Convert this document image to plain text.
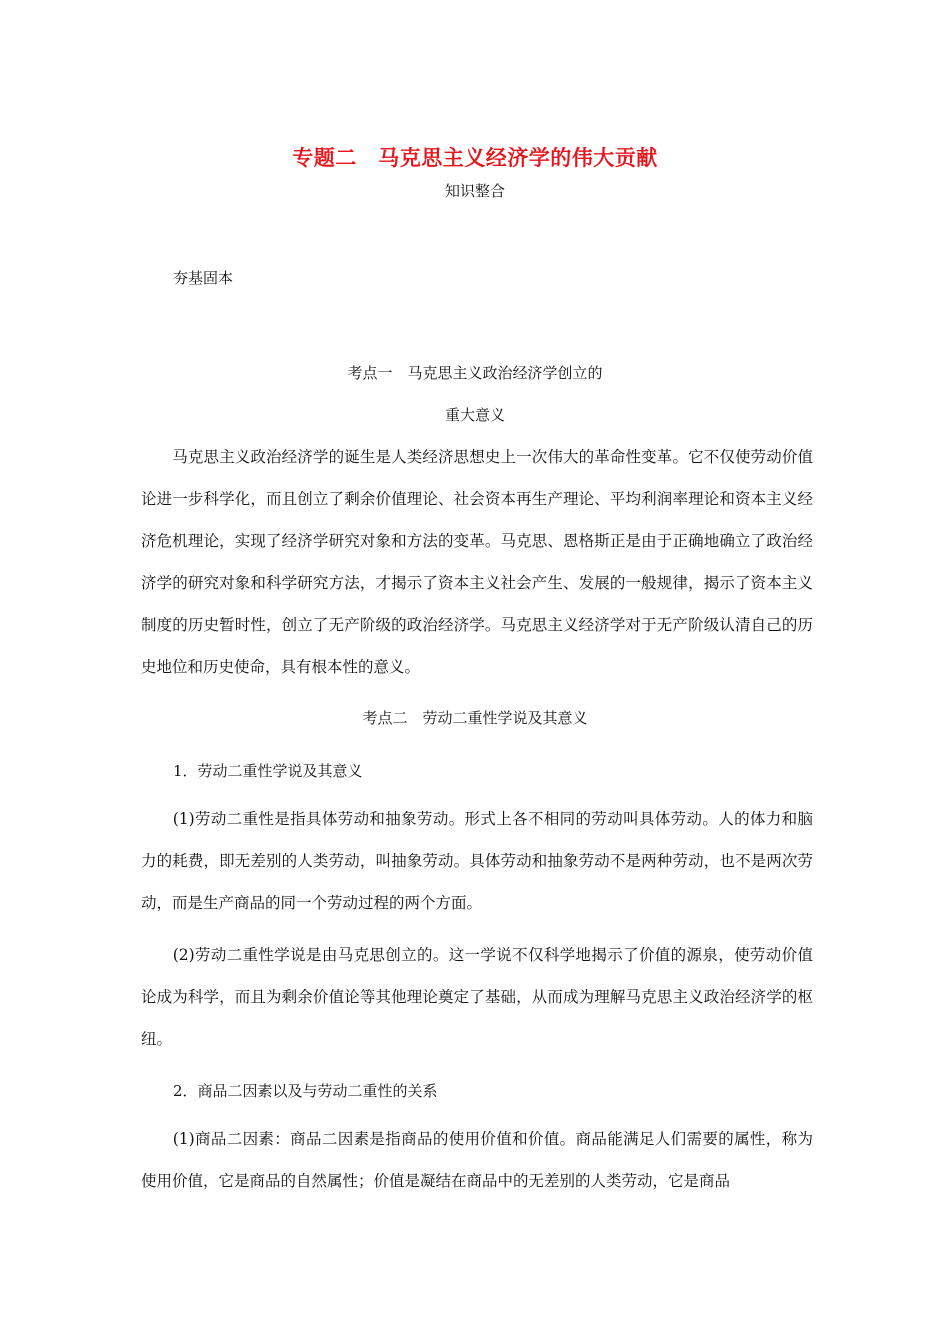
专题二　马克思主义经济学的伟大贡献
知识整合
夯基固本
考点一　马克思主义政治经济学创立的
重大意义
　　马克思主义政治经济学的诞生是人类经济思想史上一次伟大的革命性变革。它不仅使劳动价值论进一步科学化，而且创立了剩余价值理论、社会资本再生产理论、平均利润率理论和资本主义经济危机理论，实现了经济学研究对象和方法的变革。马克思、恩格斯正是由于正确地确立了政治经济学的研究对象和科学研究方法，才揭示了资本主义社会产生、发展的一般规律，揭示了资本主义制度的历史暂时性，创立了无产阶级的政治经济学。马克思主义经济学对于无产阶级认清自己的历史地位和历史使命，具有根本性的意义。
考点二　劳动二重性学说及其意义
1．劳动二重性学说及其意义
　　(1)劳动二重性是指具体劳动和抽象劳动。形式上各不相同的劳动叫具体劳动。人的体力和脑力的耗费，即无差别的人类劳动，叫抽象劳动。具体劳动和抽象劳动不是两种劳动，也不是两次劳动，而是生产商品的同一个劳动过程的两个方面。
　　(2)劳动二重性学说是由马克思创立的。这一学说不仅科学地揭示了价值的源泉，使劳动价值论成为科学，而且为剩余价值论等其他理论奠定了基础，从而成为理解马克思主义政治经济学的枢纽。
2．商品二因素以及与劳动二重性的关系
　　(1)商品二因素：商品二因素是指商品的使用价值和价值。商品能满足人们需要的属性，称为使用价值，它是商品的自然属性；价值是凝结在商品中的无差别的人类劳动，它是商品
